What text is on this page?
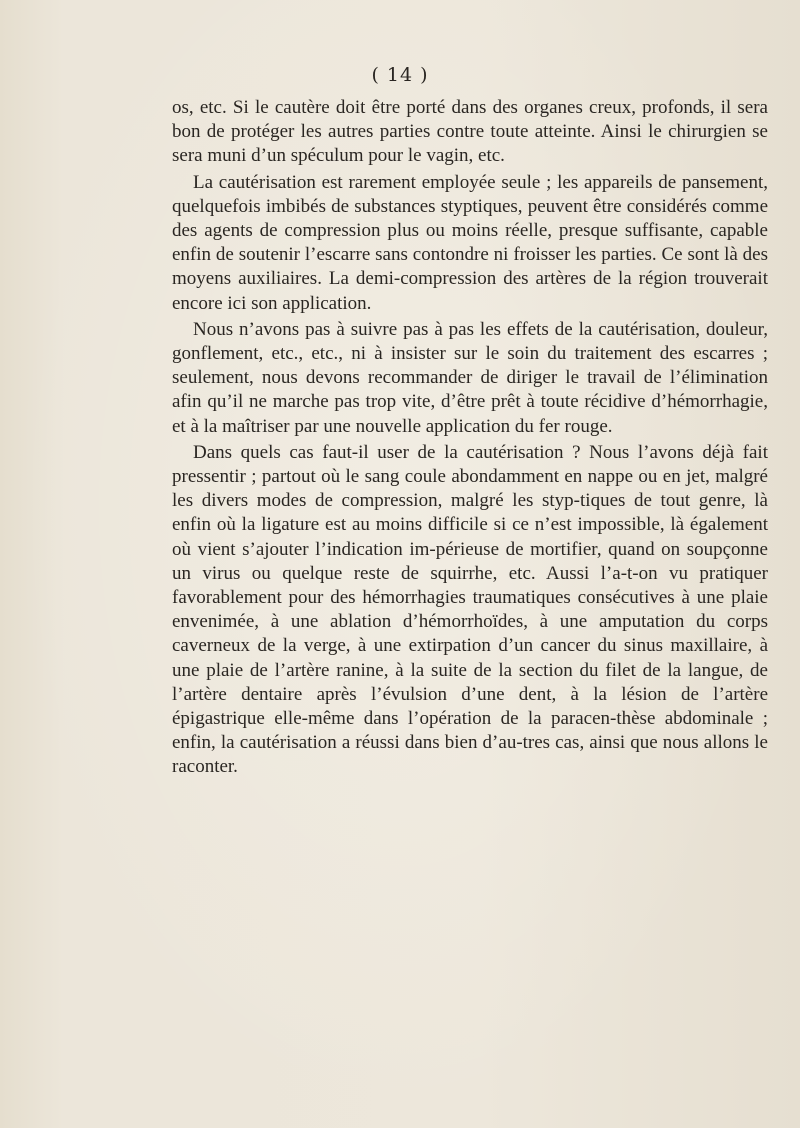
( 14 )

os, etc. Si le cautère doit être porté dans des organes creux, profonds, il sera bon de protéger les autres parties contre toute atteinte. Ainsi le chirurgien se sera muni d’un spéculum pour le vagin, etc.

La cautérisation est rarement employée seule ; les appareils de pansement, quelquefois imbibés de substances styptiques, peuvent être considérés comme des agents de compression plus ou moins réelle, presque suffisante, capable enfin de soutenir l’escarre sans contondre ni froisser les parties. Ce sont là des moyens auxiliaires. La demi-compression des artères de la région trouverait encore ici son application.

Nous n’avons pas à suivre pas à pas les effets de la cautérisation, douleur, gonflement, etc., etc., ni à insister sur le soin du traitement des escarres ; seulement, nous devons recommander de diriger le travail de l’élimination afin qu’il ne marche pas trop vite, d’être prêt à toute récidive d’hémorrhagie, et à la maîtriser par une nouvelle application du fer rouge.

Dans quels cas faut-il user de la cautérisation ? Nous l’avons déjà fait pressentir ; partout où le sang coule abondamment en nappe ou en jet, malgré les divers modes de compression, malgré les styp-tiques de tout genre, là enfin où la ligature est au moins difficile si ce n’est impossible, là également où vient s’ajouter l’indication im-périeuse de mortifier, quand on soupçonne un virus ou quelque reste de squirrhe, etc. Aussi l’a-t-on vu pratiquer favorablement pour des hémorrhagies traumatiques consécutives à une plaie envenimée, à une ablation d’hémorrhoïdes, à une amputation du corps caverneux de la verge, à une extirpation d’un cancer du sinus maxillaire, à une plaie de l’artère ranine, à la suite de la section du filet de la langue, de l’artère dentaire après l’évulsion d’une dent, à la lésion de l’artère épigastrique elle-même dans l’opération de la paracen-thèse abdominale ; enfin, la cautérisation a réussi dans bien d’au-tres cas, ainsi que nous allons le raconter.
